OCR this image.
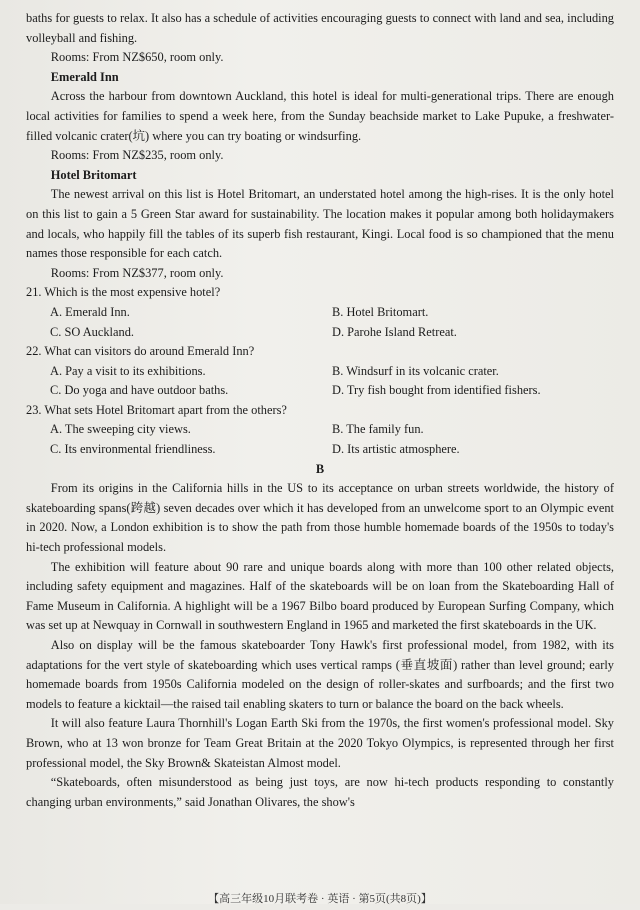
baths for guests to relax. It also has a schedule of activities encouraging guests to connect with land and sea, including volleyball and fishing.

Rooms: From NZ$650, room only.

Emerald Inn

Across the harbour from downtown Auckland, this hotel is ideal for multi-generational trips. There are enough local activities for families to spend a week here, from the Sunday beachside market to Lake Pupuke, a freshwater-filled volcanic crater(坑) where you can try boating or windsurfing.

Rooms: From NZ$235, room only.

Hotel Britomart

The newest arrival on this list is Hotel Britomart, an understated hotel among the high-rises. It is the only hotel on this list to gain a 5 Green Star award for sustainability. The location makes it popular among both holidaymakers and locals, who happily fill the tables of its superb fish restaurant, Kingi. Local food is so championed that the menu names those responsible for each catch.

Rooms: From NZ$377, room only.

21. Which is the most expensive hotel?

A. Emerald Inn.	B. Hotel Britomart.
C. SO Auckland.	D. Parohe Island Retreat.

22. What can visitors do around Emerald Inn?

A. Pay a visit to its exhibitions.	B. Windsurf in its volcanic crater.
C. Do yoga and have outdoor baths.	D. Try fish bought from identified fishers.

23. What sets Hotel Britomart apart from the others?

A. The sweeping city views.	B. The family fun.
C. Its environmental friendliness.	D. Its artistic atmosphere.

B

From its origins in the California hills in the US to its acceptance on urban streets worldwide, the history of skateboarding spans(跨越) seven decades over which it has developed from an unwelcome sport to an Olympic event in 2020. Now, a London exhibition is to show the path from those humble homemade boards of the 1950s to today's hi-tech professional models.

The exhibition will feature about 90 rare and unique boards along with more than 100 other related objects, including safety equipment and magazines. Half of the skateboards will be on loan from the Skateboarding Hall of Fame Museum in California. A highlight will be a 1967 Bilbo board produced by European Surfing Company, which was set up at Newquay in Cornwall in southwestern England in 1965 and marketed the first skateboards in the UK.

Also on display will be the famous skateboarder Tony Hawk's first professional model, from 1982, with its adaptations for the vert style of skateboarding which uses vertical ramps (垂直坡面) rather than level ground; early homemade boards from 1950s California modeled on the design of roller-skates and surfboards; and the first two models to feature a kicktail—the raised tail enabling skaters to turn or balance the board on the back wheels.

It will also feature Laura Thornhill's Logan Earth Ski from the 1970s, the first women's professional model. Sky Brown, who at 13 won bronze for Team Great Britain at the 2020 Tokyo Olympics, is represented through her first professional model, the Sky Brown& Skateistan Almost model.

“Skateboards, often misunderstood as being just toys, are now hi-tech products responding to constantly changing urban environments,” said Jonathan Olivares, the show's

【高三年级10月联考卷 · 英语 · 第5页(共8页)】
